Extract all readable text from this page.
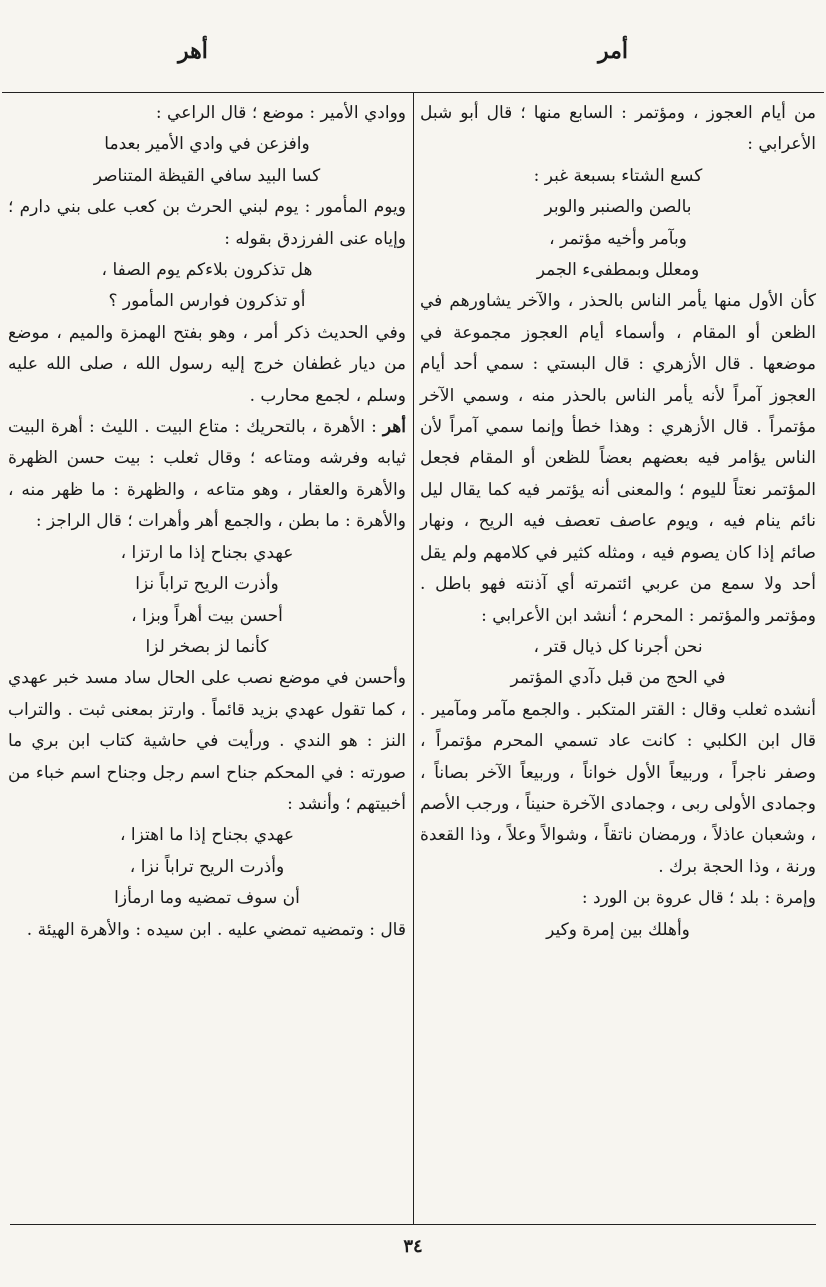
أمر
أهر

من أيام العجوز ، ومؤتمر : السابع منها ؛ قال أبو شبل الأعرابي :

كسع الشتاء بسبعة غبر :
بالصن والصنبر والوبر
وبآمر وأخيه مؤتمر ،
ومعلل وبمطفىء الجمر

كأن الأول منها يأمر الناس بالحذر ، والآخر يشاورهم في الظعن أو المقام ، وأسماء أيام العجوز مجموعة في موضعها . قال الأزهري : قال البستي : سمي أحد أيام العجوز آمراً لأنه يأمر الناس بالحذر منه ، وسمي الآخر مؤتمراً . قال الأزهري : وهذا خطأ وإنما سمي آمراً لأن الناس يؤامر فيه بعضهم بعضاً للظعن أو المقام فجعل المؤتمر نعتاً لليوم ؛ والمعنى أنه يؤتمر فيه كما يقال ليل نائم ينام فيه ، ويوم عاصف تعصف فيه الريح ، ونهار صائم إذا كان يصوم فيه ، ومثله كثير في كلامهم ولم يقل أحد ولا سمع من عربي ائتمرته أي آذنته فهو باطل . ومؤتمر والمؤتمر : المحرم ؛ أنشد ابن الأعرابي :

نحن أجرنا كل ذيال قتر ،
في الحج من قبل دآدي المؤتمر

أنشده ثعلب وقال : القتر المتكبر . والجمع مآمر ومآمير . قال ابن الكلبي : كانت عاد تسمي المحرم مؤتمراً ، وصفر ناجراً ، وربيعاً الأول خواناً ، وربيعاً الآخر بصاناً ، وجمادى الأولى ربى ، وجمادى الآخرة حنيناً ، ورجب الأصم ، وشعبان عاذلاً ، ورمضان ناتقاً ، وشوالاً وعلاً ، وذا القعدة ورنة ، وذا الحجة برك .

وإمرة : بلد ؛ قال عروة بن الورد :

وأهلك بين إمرة وكير

ووادي الأمير : موضع ؛ قال الراعي :

وافزعن في وادي الأمير بعدما
كسا البيد سافي القيظة المتناصر

ويوم المأمور : يوم لبني الحرث بن كعب على بني دارم ؛ وإياه عنى الفرزدق بقوله :

هل تذكرون بلاءكم يوم الصفا ،
أو تذكرون فوارس المأمور ؟

وفي الحديث ذكر أمر ، وهو بفتح الهمزة والميم ، موضع من ديار غطفان خرج إليه رسول الله ، صلى الله عليه وسلم ، لجمع محارب .

أهر : الأهرة ، بالتحريك : متاع البيت . الليث : أهرة البيت ثيابه وفرشه ومتاعه ؛ وقال ثعلب : بيت حسن الظهرة والأهرة والعقار ، وهو متاعه ، والظهرة : ما ظهر منه ، والأهرة : ما بطن ، والجمع أهر وأهرات ؛ قال الراجز :

عهدي بجناح إذا ما ارتزا ،
وأذرت الريح تراباً نزا
أحسن بيت أهراً وبزا ،
كأنما لز بصخر لزا

وأحسن في موضع نصب على الحال ساد مسد خبر عهدي ، كما تقول عهدي بزيد قائماً . وارتز بمعنى ثبت . والتراب النز : هو الندي . ورأيت في حاشية كتاب ابن بري ما صورته : في المحكم جناح اسم رجل وجناح اسم خباء من أخبيتهم ؛ وأنشد :

عهدي بجناح إذا ما اهتزا ،
وأذرت الريح تراباً نزا ،
أن سوف تمضيه وما ارمأزا

قال : وتمضيه تمضي عليه . ابن سيده : والأهرة الهيئة .

٣٤
